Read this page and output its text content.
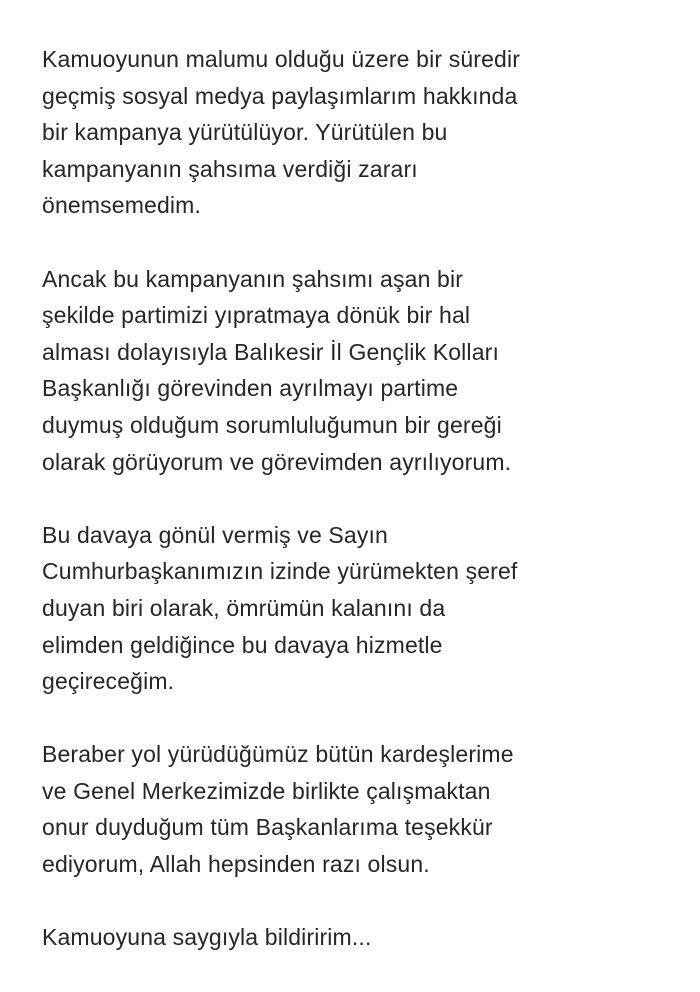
Kamuoyunun malumu olduğu üzere bir süredir
geçmiş sosyal medya paylaşımlarım hakkında
bir kampanya yürütülüyor. Yürütülen bu
kampanyanın şahsıma verdiği zararı
önemsemedim.

Ancak bu kampanyanın şahsımı aşan bir
şekilde partimizi yıpratmaya dönük bir hal
alması dolayısıyla Balıkesir İl Gençlik Kolları
Başkanlığı görevinden ayrılmayı partime
duymuş olduğum sorumluluğumun bir gereği
olarak görüyorum ve görevimden ayrılıyorum.

Bu davaya gönül vermiş ve Sayın
Cumhurbaşkanımızın izinde yürümekten şeref
duyan biri olarak, ömrümün kalanını da
elimden geldiğince bu davaya hizmetle
geçireceğim.

Beraber yol yürüdüğümüz bütün kardeşlerime
ve Genel Merkezimizde birlikte çalışmaktan
onur duyduğum tüm Başkanlarıma teşekkür
ediyorum, Allah hepsinden razı olsun.

Kamuoyuna saygıyla bildiririm...
